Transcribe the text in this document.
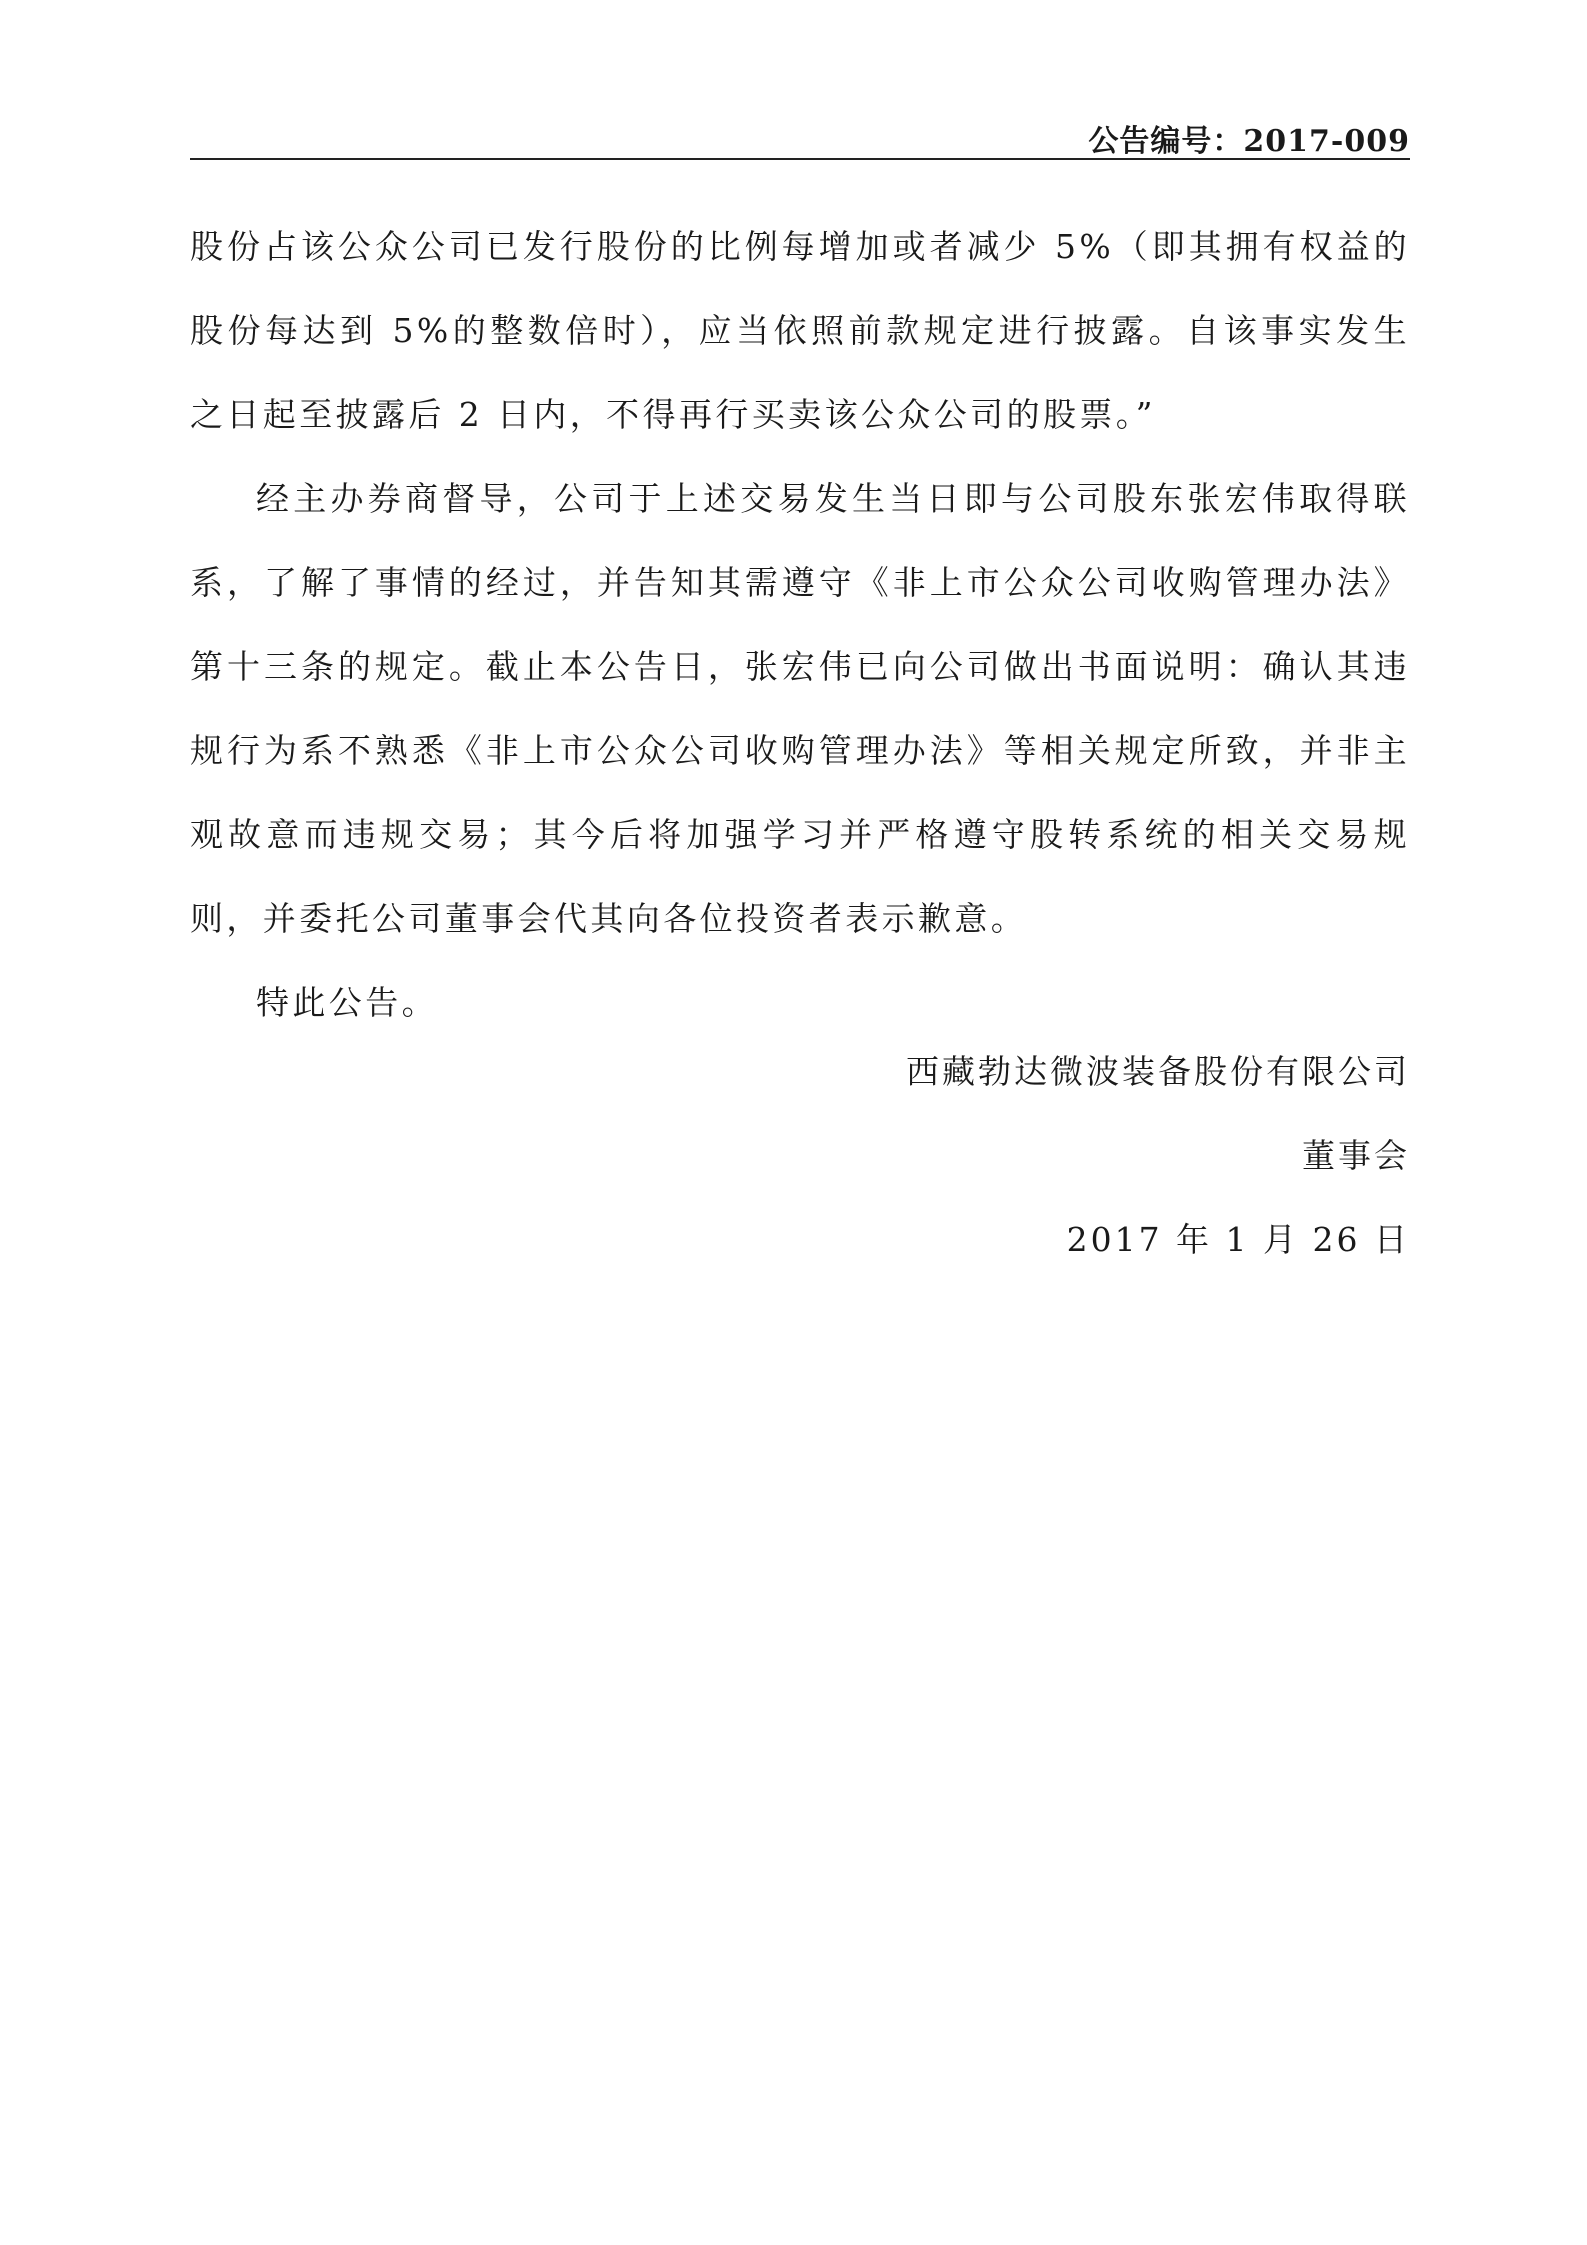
公告编号：2017-009

股份占该公众公司已发行股份的比例每增加或者减少 5%（即其拥有权益的股份每达到 5%的整数倍时），应当依照前款规定进行披露。自该事实发生之日起至披露后 2 日内，不得再行买卖该公众公司的股票。”

经主办券商督导，公司于上述交易发生当日即与公司股东张宏伟取得联系，了解了事情的经过，并告知其需遵守《非上市公众公司收购管理办法》第十三条的规定。截止本公告日，张宏伟已向公司做出书面说明：确认其违规行为系不熟悉《非上市公众公司收购管理办法》等相关规定所致，并非主观故意而违规交易；其今后将加强学习并严格遵守股转系统的相关交易规则，并委托公司董事会代其向各位投资者表示歉意。

特此公告。

西藏勃达微波装备股份有限公司
董事会
2017 年 1 月 26 日
